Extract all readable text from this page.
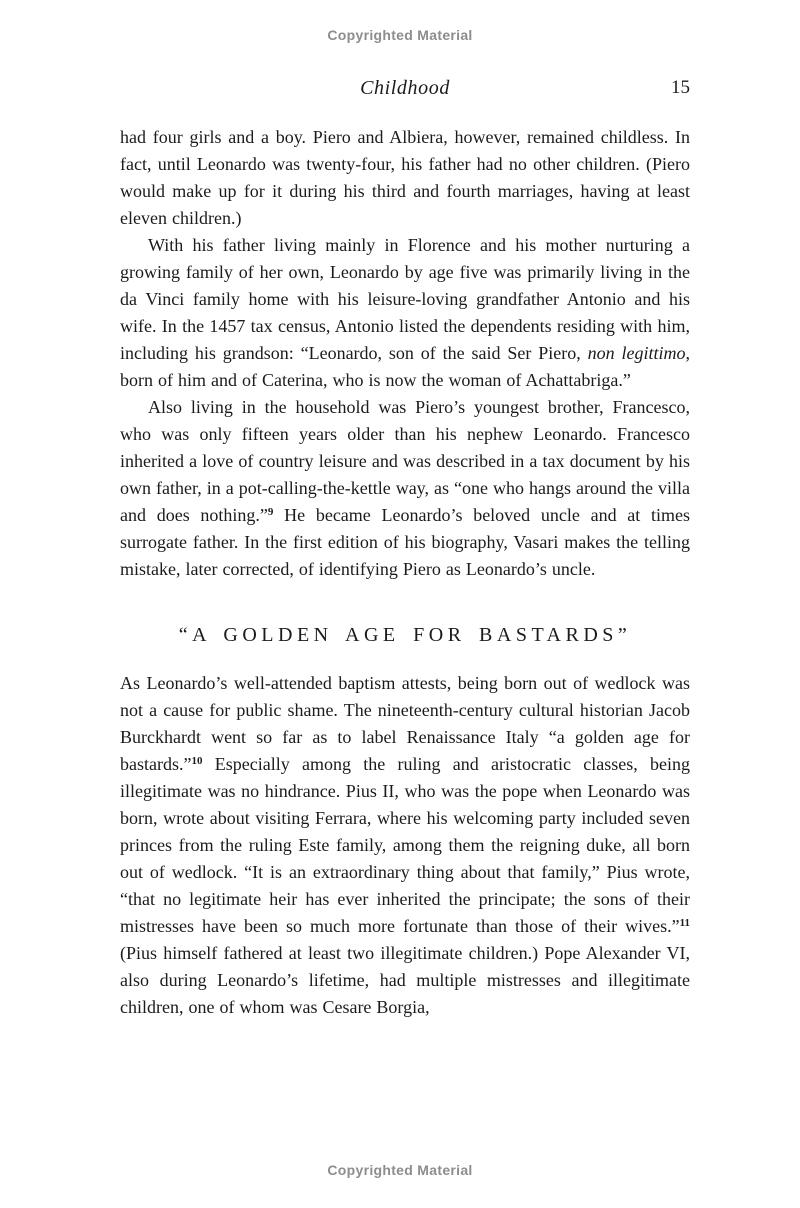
Copyrighted Material
Childhood	15

had four girls and a boy. Piero and Albiera, however, remained childless. In fact, until Leonardo was twenty-four, his father had no other children. (Piero would make up for it during his third and fourth marriages, having at least eleven children.)

With his father living mainly in Florence and his mother nurturing a growing family of her own, Leonardo by age five was primarily living in the da Vinci family home with his leisure-loving grandfather Antonio and his wife. In the 1457 tax census, Antonio listed the dependents residing with him, including his grandson: “Leonardo, son of the said Ser Piero, non legittimo, born of him and of Caterina, who is now the woman of Achattabriga.”

Also living in the household was Piero’s youngest brother, Francesco, who was only fifteen years older than his nephew Leonardo. Francesco inherited a love of country leisure and was described in a tax document by his own father, in a pot-calling-the-kettle way, as “one who hangs around the villa and does nothing.”$^9$ He became Leonardo’s beloved uncle and at times surrogate father. In the first edition of his biography, Vasari makes the telling mistake, later corrected, of identifying Piero as Leonardo’s uncle.

“A GOLDEN AGE FOR BASTARDS”

As Leonardo’s well-attended baptism attests, being born out of wedlock was not a cause for public shame. The nineteenth-century cultural historian Jacob Burckhardt went so far as to label Renaissance Italy “a golden age for bastards.”$^{10}$ Especially among the ruling and aristocratic classes, being illegitimate was no hindrance. Pius II, who was the pope when Leonardo was born, wrote about visiting Ferrara, where his welcoming party included seven princes from the ruling Este family, among them the reigning duke, all born out of wedlock. “It is an extraordinary thing about that family,” Pius wrote, “that no legitimate heir has ever inherited the principate; the sons of their mistresses have been so much more fortunate than those of their wives.”$^{11}$ (Pius himself fathered at least two illegitimate children.) Pope Alexander VI, also during Leonardo’s lifetime, had multiple mistresses and illegitimate children, one of whom was Cesare Borgia,

Copyrighted Material
